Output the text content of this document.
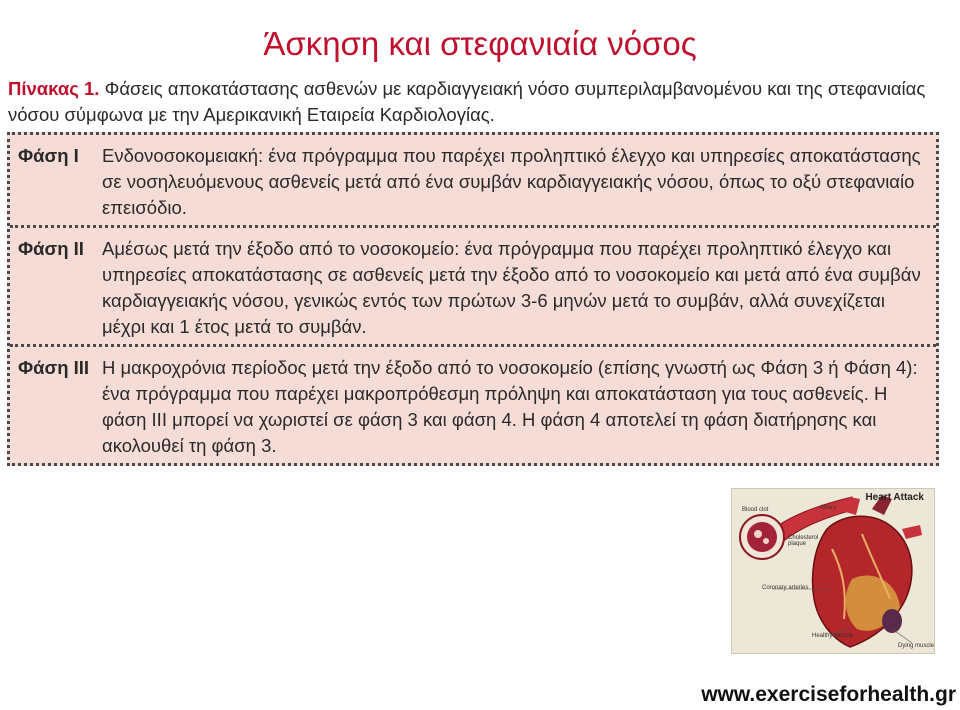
Άσκηση και στεφανιαία νόσος
Πίνακας 1. Φάσεις αποκατάστασης ασθενών με καρδιαγγειακή νόσο συμπεριλαμβανομένου και της στεφανιαίας νόσου σύμφωνα με την Αμερικανική Εταιρεία Καρδιολογίας.
Φάση I	Ενδονοσοκομειακή: ένα πρόγραμμα που παρέχει προληπτικό έλεγχο και υπηρεσίες αποκατάστασης σε νοσηλευόμενους ασθενείς μετά από ένα συμβάν καρδιαγγειακής νόσου, όπως το οξύ στεφανιαίο επεισόδιο.
Φάση II Αμέσως μετά την έξοδο από το νοσοκομείο: ένα πρόγραμμα που παρέχει προληπτικό έλεγχο και υπηρεσίες αποκατάστασης σε ασθενείς μετά την έξοδο από το νοσοκομείο και μετά από ένα συμβάν καρδιαγγειακής νόσου, γενικώς εντός των πρώτων 3-6 μηνών μετά το συμβάν, αλλά συνεχίζεται μέχρι και 1 έτος μετά το συμβάν.
Φάση III Η μακροχρόνια περίοδος μετά την έξοδο από το νοσοκομείο (επίσης γνωστή ως Φάση 3 ή Φάση 4): ένα πρόγραμμα που παρέχει μακροπρόθεσμη πρόληψη και αποκατάσταση για τους ασθενείς. Η φάση III μπορεί να χωριστεί σε φάση 3 και φάση 4. Η φάση 4 αποτελεί τη φάση διατήρησης και ακολουθεί τη φάση 3.
Heart Attack
Blood clot	Artery
Cholesterol plaque
Coronary arteries
Healthy muscle
Dying muscle
www.exerciseforhealth.gr
